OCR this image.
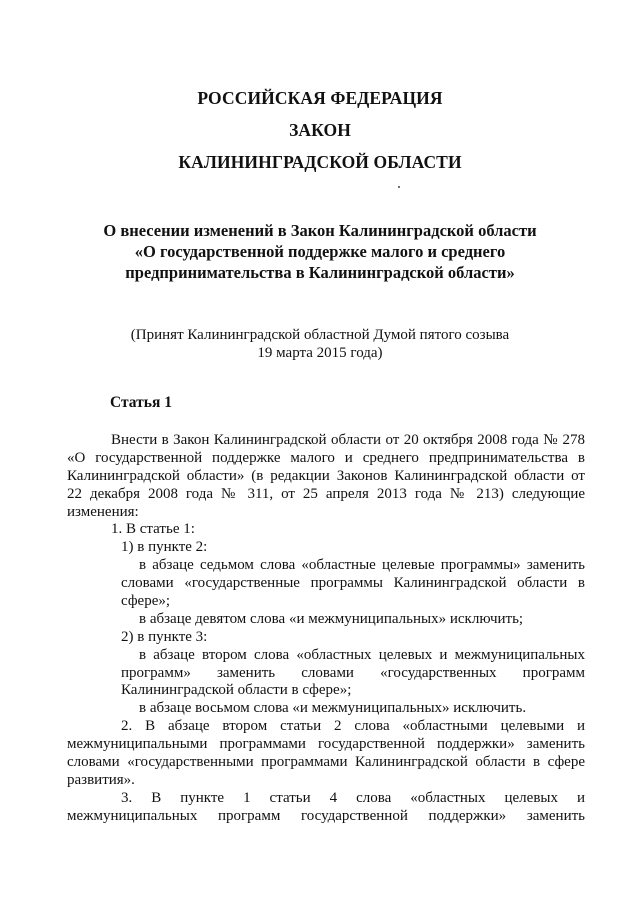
РОССИЙСКАЯ ФЕДЕРАЦИЯ
ЗАКОН
КАЛИНИНГРАДСКОЙ ОБЛАСТИ
О внесении изменений в Закон Калининградской области
«О государственной поддержке малого и среднего
предпринимательства в Калининградской области»
(Принят Калининградской областной Думой пятого созыва
19 марта 2015 года)
Статья 1
Внести в Закон Калининградской области от 20 октября 2008 года № 278
«О государственной поддержке малого и среднего предпринимательства в
Калининградской области» (в редакции Законов Калининградской области от
22 декабря 2008 года № 311, от 25 апреля 2013 года № 213) следующие
изменения:
1. В статье 1:
1) в пункте 2:
в абзаце седьмом слова «областные целевые программы» заменить
словами «государственные программы Калининградской области в
сфере»;
в абзаце девятом слова «и межмуниципальных» исключить;
2) в пункте 3:
в абзаце втором слова «областных целевых и межмуниципальных
программ» заменить словами «государственных программ
Калининградской области в сфере»;
в абзаце восьмом слова «и межмуниципальных» исключить.
2. В абзаце втором статьи 2 слова «областными целевыми и
межмуниципальными программами государственной поддержки» заменить
словами «государственными программами Калининградской области в сфере
развития».
3. В пункте 1 статьи 4 слова «областных целевых и
межмуниципальных программ государственной поддержки» заменить
